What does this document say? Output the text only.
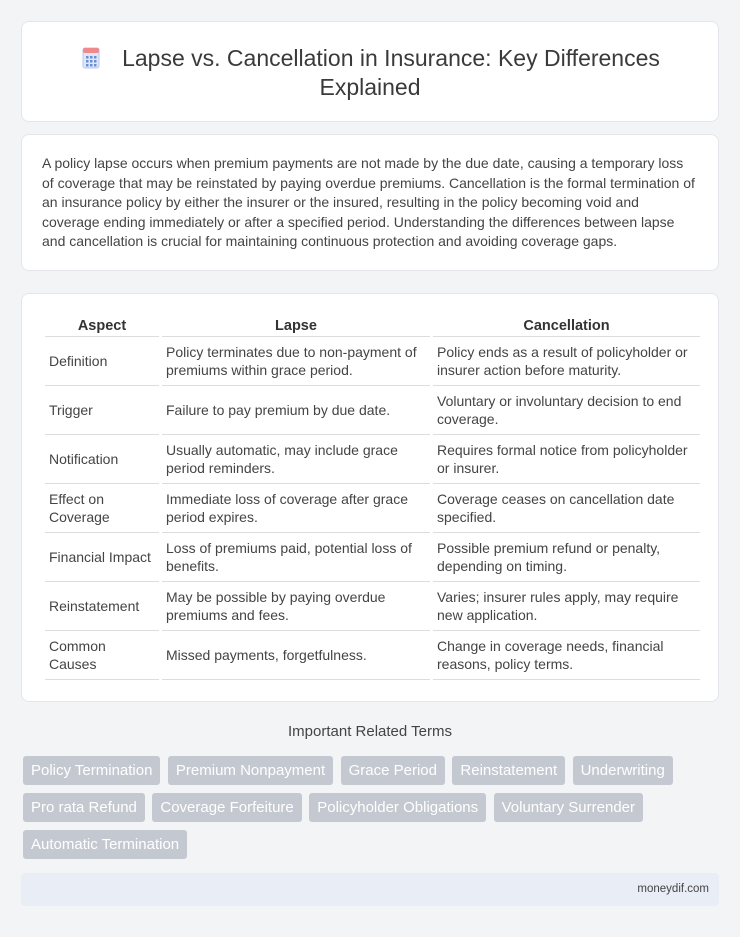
Lapse vs. Cancellation in Insurance: Key Differences
Explained
A policy lapse occurs when premium payments are not made by the due date, causing a temporary loss of coverage that may be reinstated by paying overdue premiums. Cancellation is the formal termination of an insurance policy by either the insurer or the insured, resulting in the policy becoming void and coverage ending immediately or after a specified period. Understanding the differences between lapse and cancellation is crucial for maintaining continuous protection and avoiding coverage gaps.
Aspect	Lapse	Cancellation
Definition	Policy terminates due to non-payment of premiums within grace period.	Policy ends as a result of policyholder or insurer action before maturity.
Trigger	Failure to pay premium by due date.	Voluntary or involuntary decision to end coverage.
Notification	Usually automatic, may include grace period reminders.	Requires formal notice from policyholder or insurer.
Effect on Coverage	Immediate loss of coverage after grace period expires.	Coverage ceases on cancellation date specified.
Financial Impact	Loss of premiums paid, potential loss of benefits.	Possible premium refund or penalty, depending on timing.
Reinstatement	May be possible by paying overdue premiums and fees.	Varies; insurer rules apply, may require new application.
Common Causes	Missed payments, forgetfulness.	Change in coverage needs, financial reasons, policy terms.
Important Related Terms
Policy Termination Premium Nonpayment Grace Period Reinstatement Underwriting Pro rata Refund Coverage Forfeiture Policyholder Obligations Voluntary Surrender Automatic Termination
moneydif.com
